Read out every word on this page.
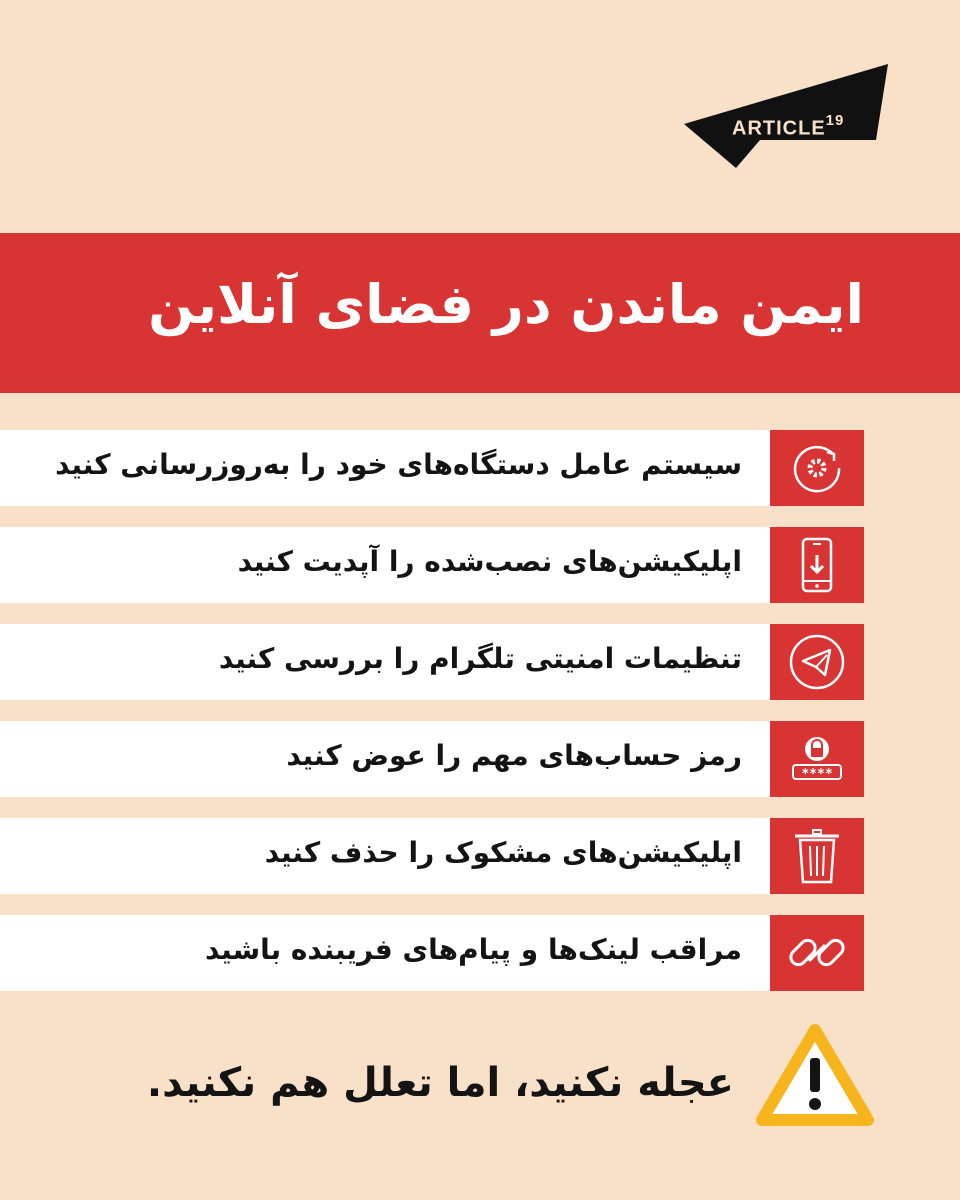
ARTICLE$^{19}$
ایمن ماندن در فضای آنلاین
سیستم عامل دستگاه‌های خود را به‌روزرسانی کنید
اپلیکیشن‌های نصب‌شده را آپدیت کنید
تنظیمات امنیتی تلگرام را بررسی کنید
رمز حساب‌های مهم را عوض کنید
****
اپلیکیشن‌های مشکوک را حذف کنید
مراقب لینک‌ها و پیام‌های فریبنده باشید
عجله نکنید، اما تعلل هم نکنید.
